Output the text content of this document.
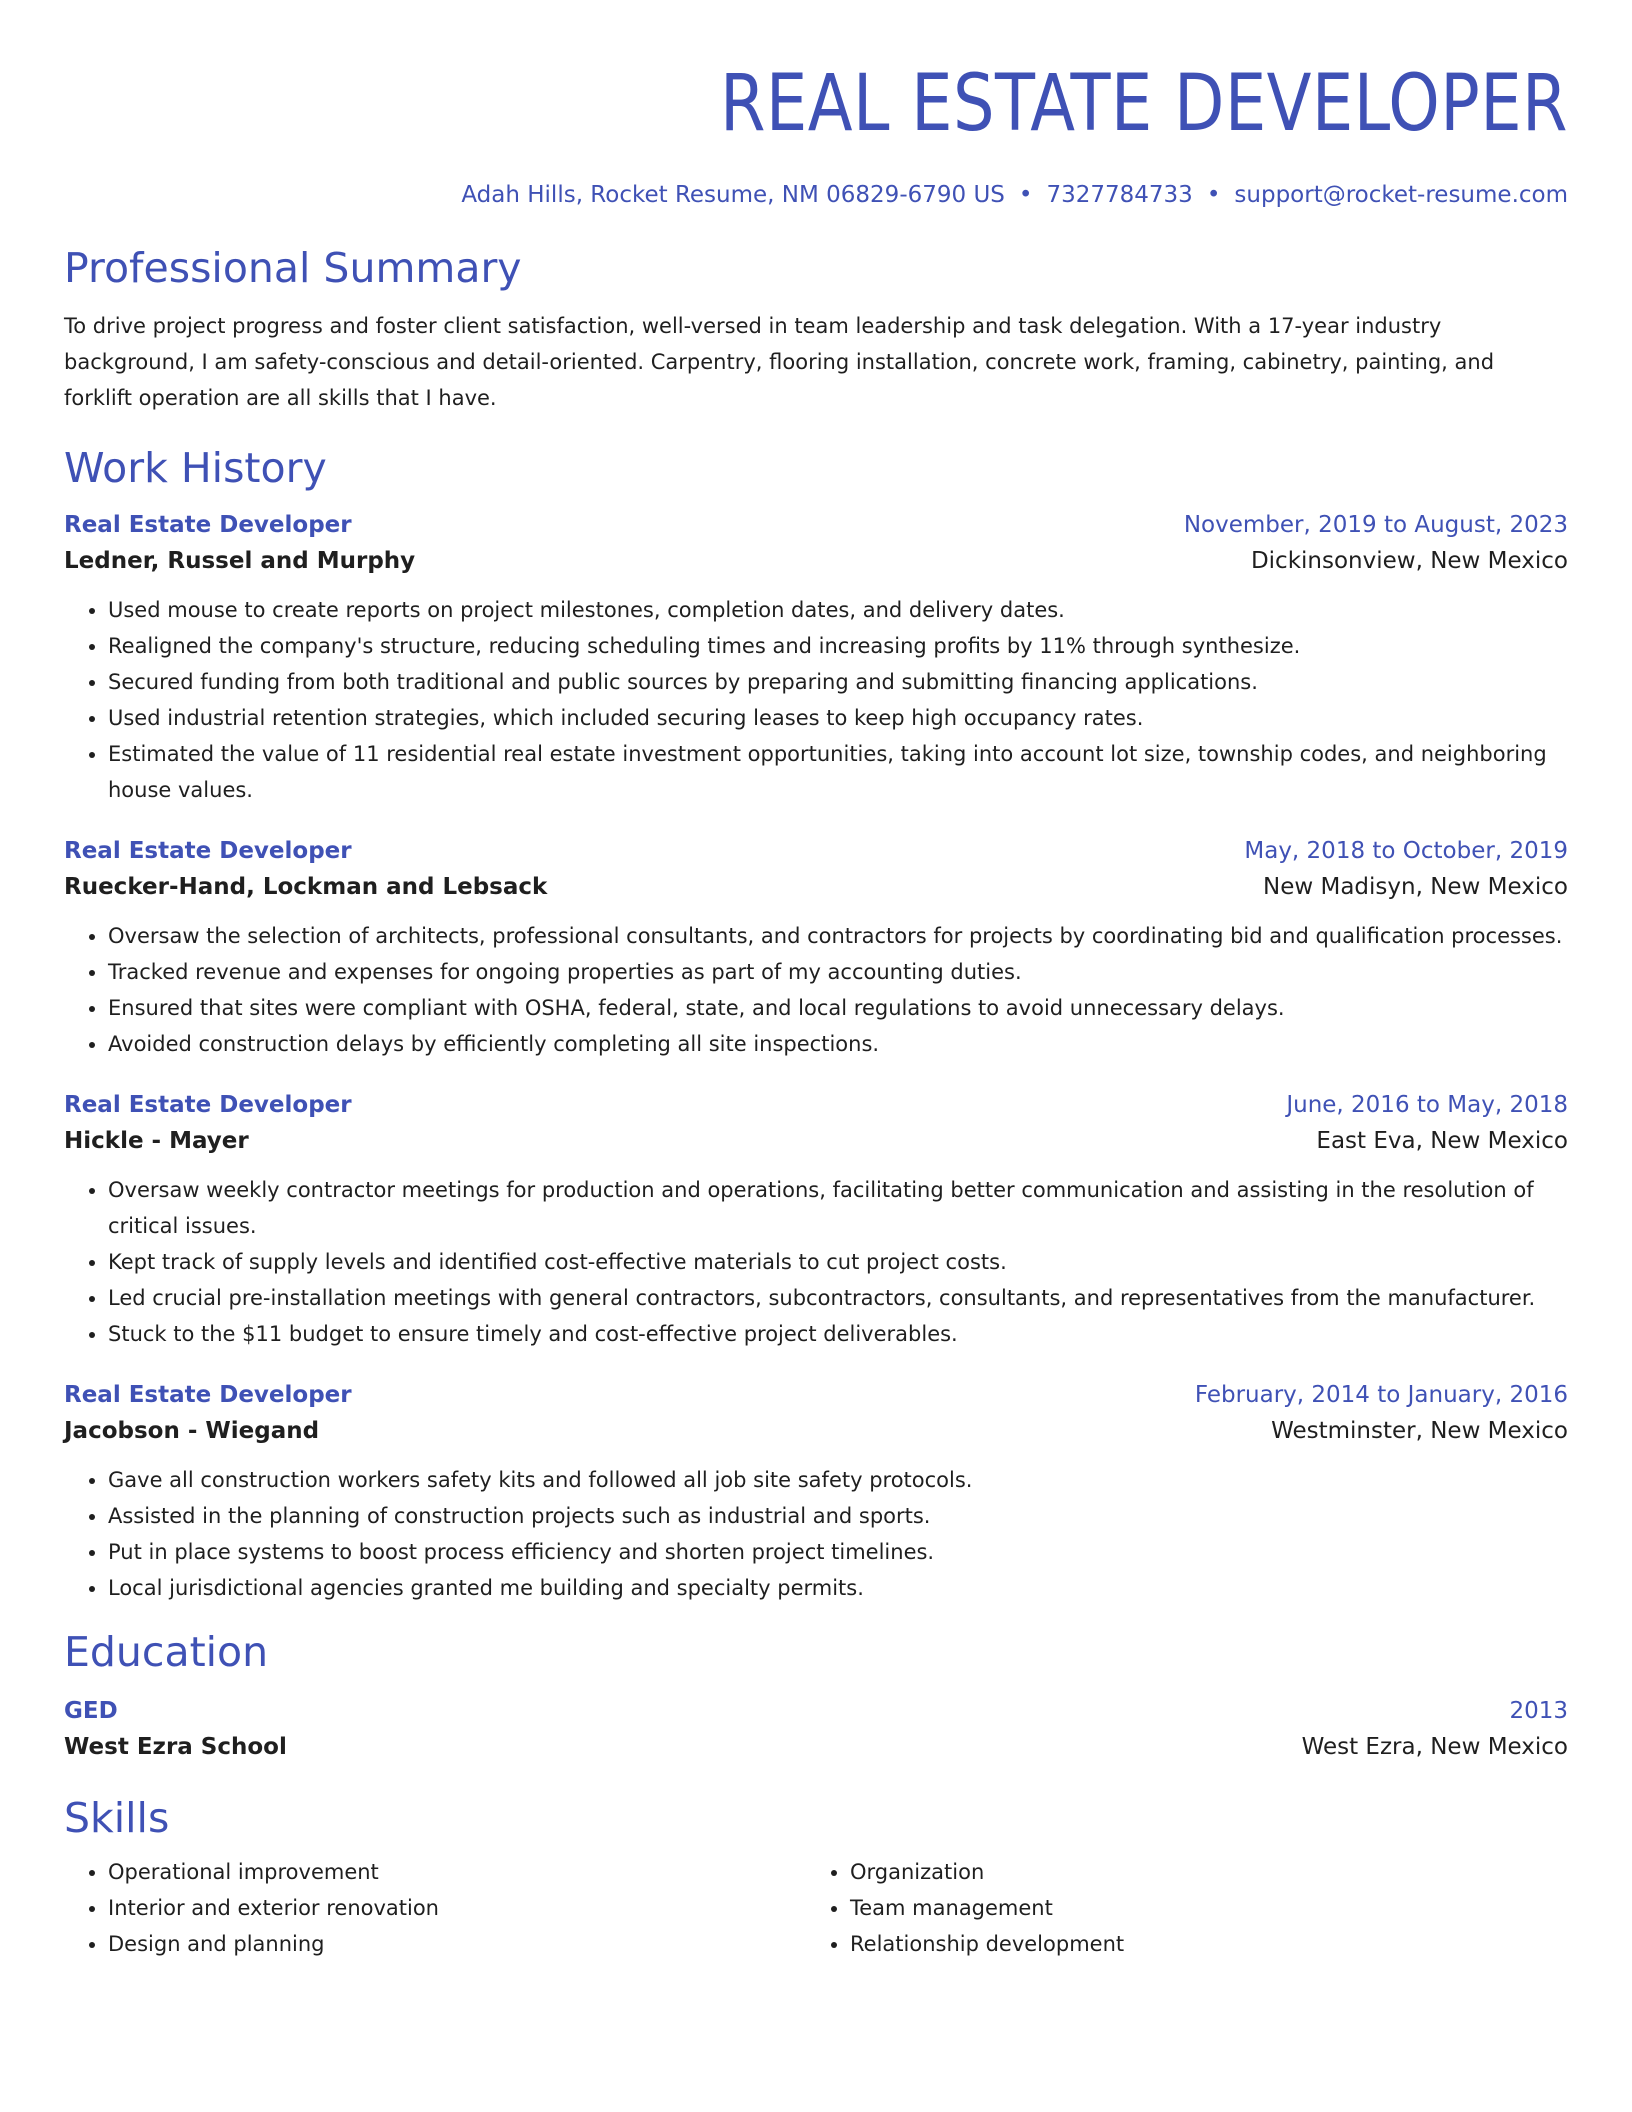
REAL ESTATE DEVELOPER
Adah Hills, Rocket Resume, NM 06829-6790 US • 7327784733 • support@rocket-resume.com
Professional Summary
To drive project progress and foster client satisfaction, well-versed in team leadership and task delegation. With a 17-year industry background, I am safety-conscious and detail-oriented. Carpentry, flooring installation, concrete work, framing, cabinetry, painting, and forklift operation are all skills that I have.
Work History
Real Estate Developer	November, 2019 to August, 2023
Ledner, Russel and Murphy	Dickinsonview, New Mexico
• Used mouse to create reports on project milestones, completion dates, and delivery dates.
• Realigned the company's structure, reducing scheduling times and increasing profits by 11% through synthesize.
• Secured funding from both traditional and public sources by preparing and submitting financing applications.
• Used industrial retention strategies, which included securing leases to keep high occupancy rates.
• Estimated the value of 11 residential real estate investment opportunities, taking into account lot size, township codes, and neighboring house values.
Real Estate Developer	May, 2018 to October, 2019
Ruecker-Hand, Lockman and Lebsack	New Madisyn, New Mexico
• Oversaw the selection of architects, professional consultants, and contractors for projects by coordinating bid and qualification processes.
• Tracked revenue and expenses for ongoing properties as part of my accounting duties.
• Ensured that sites were compliant with OSHA, federal, state, and local regulations to avoid unnecessary delays.
• Avoided construction delays by efficiently completing all site inspections.
Real Estate Developer	June, 2016 to May, 2018
Hickle - Mayer	East Eva, New Mexico
• Oversaw weekly contractor meetings for production and operations, facilitating better communication and assisting in the resolution of critical issues.
• Kept track of supply levels and identified cost-effective materials to cut project costs.
• Led crucial pre-installation meetings with general contractors, subcontractors, consultants, and representatives from the manufacturer.
• Stuck to the $11 budget to ensure timely and cost-effective project deliverables.
Real Estate Developer	February, 2014 to January, 2016
Jacobson - Wiegand	Westminster, New Mexico
• Gave all construction workers safety kits and followed all job site safety protocols.
• Assisted in the planning of construction projects such as industrial and sports.
• Put in place systems to boost process efficiency and shorten project timelines.
• Local jurisdictional agencies granted me building and specialty permits.
Education
GED	2013
West Ezra School	West Ezra, New Mexico
Skills
• Operational improvement
• Interior and exterior renovation
• Design and planning
• Organization
• Team management
• Relationship development
